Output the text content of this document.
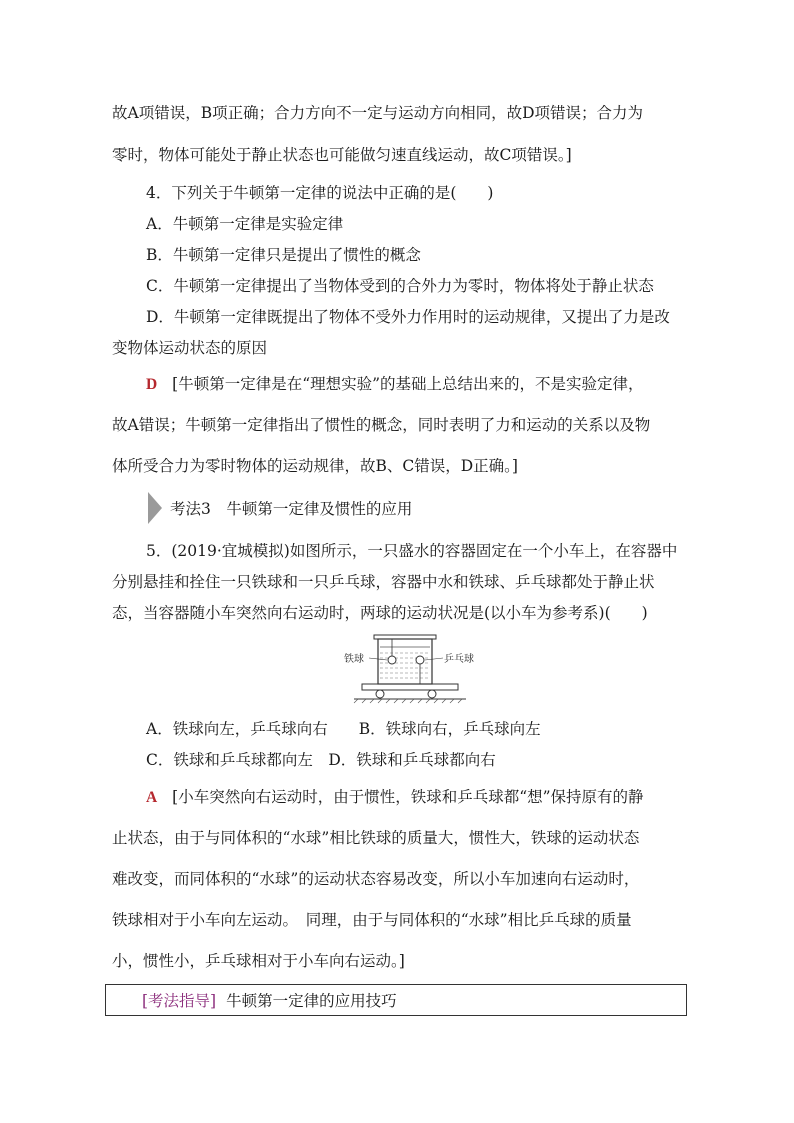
故A项错误，B项正确；合力方向不一定与运动方向相同，故D项错误；合力为
零时，物体可能处于静止状态也可能做匀速直线运动，故C项错误。]
4．下列关于牛顿第一定律的说法中正确的是(　　)
A．牛顿第一定律是实验定律
B．牛顿第一定律只是提出了惯性的概念
C．牛顿第一定律提出了当物体受到的合外力为零时，物体将处于静止状态
D．牛顿第一定律既提出了物体不受外力作用时的运动规律，又提出了力是改
变物体运动状态的原因
D [牛顿第一定律是在“理想实验”的基础上总结出来的，不是实验定律，
故A错误；牛顿第一定律指出了惯性的概念，同时表明了力和运动的关系以及物
体所受合力为零时物体的运动规律，故B、C错误，D正确。]
考法3　牛顿第一定律及惯性的应用
5．(2019·宜城模拟)如图所示，一只盛水的容器固定在一个小车上，在容器中
分别悬挂和拴住一只铁球和一只乒乓球，容器中水和铁球、乒乓球都处于静止状
态，当容器随小车突然向右运动时，两球的运动状况是(以小车为参考系)(　　)
铁球	乒乓球
A．铁球向左，乒乓球向右　　B．铁球向右，乒乓球向左
C．铁球和乒乓球都向左　D．铁球和乒乓球都向右
A [小车突然向右运动时，由于惯性，铁球和乒乓球都“想”保持原有的静
止状态，由于与同体积的“水球”相比铁球的质量大，惯性大，铁球的运动状态
难改变，而同体积的“水球”的运动状态容易改变，所以小车加速向右运动时，
铁球相对于小车向左运动。　同理，由于与同体积的“水球”相比乒乓球的质量
小，惯性小，乒乓球相对于小车向右运动。]
[考法指导] 牛顿第一定律的应用技巧
